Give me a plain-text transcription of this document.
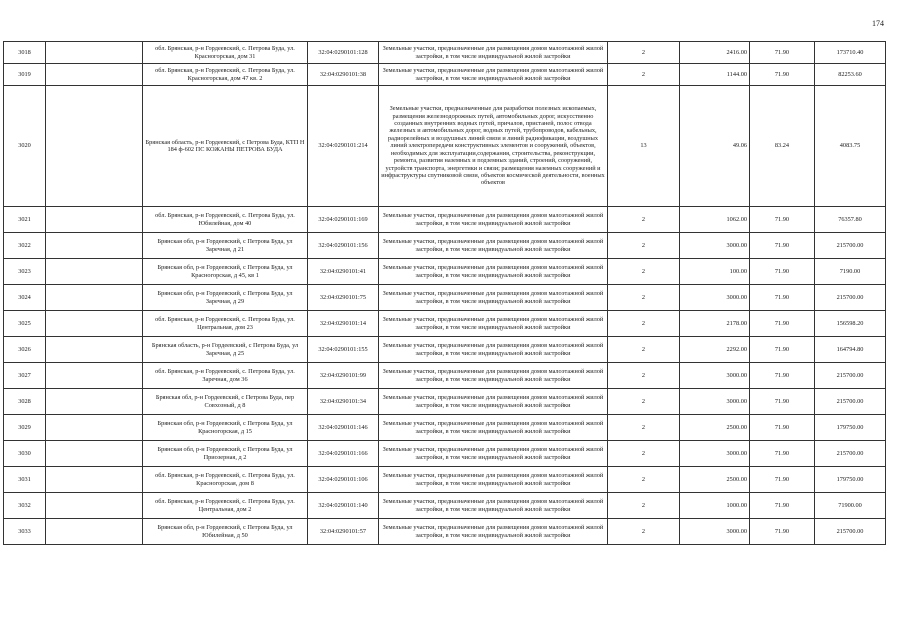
174
3018		обл. Брянская, р-н Гордеевский, с. Петрова Буда, ул. Красногорская, дом 31	32:04:0290101:128	Земельные участки, предназначенные для размещения домов малоэтажной жилой застройки, в том числе индивидуальной жилой застройки	2	2416.00	71.90	173710.40
3019		обл. Брянская, р-н Гордеевский, с. Петрова Буда, ул. Красногорская, дом 47 кв. 2	32:04:0290101:38	Земельные участки, предназначенные для размещения домов малоэтажной жилой застройки, в том числе индивидуальной жилой застройки	2	1144.00	71.90	82253.60
3020		Брянская область, р-н Гордеевский, с Петрова Буда, КТП Н 184 ф-602 ПС КОЖАНЫ ПЕТРОВА БУДА	32:04:0290101:214	Земельные участки, предназначенные для разработки полезных ископаемых, размещения железнодорожных путей, автомобильных дорог, искусственно созданных внутренних водных путей, причалов, пристаней, полос отвода железных и автомобильных дорог, водных путей, трубопроводов, кабельных, радиорелейных и воздушных линий связи и линий радиофикации, воздушных линий электропередачи конструктивных элементов и сооружений, объектов, необходимых для эксплуатации,содержания, строительства, реконструкции, ремонта, развития наземных и подземных зданий, строений, сооружений, устройств транспорта, энергетики и связи; размещения наземных сооружений и инфраструктуры спутниковой связи, объектов космической деятельности, военных объектов	13	49.06	83.24	4083.75
3021		обл. Брянская, р-н Гордеевский, с. Петрова Буда, ул. Юбилейная, дом 40	32:04:0290101:169	Земельные участки, предназначенные для размещения домов малоэтажной жилой застройки, в том числе индивидуальной жилой застройки	2	1062.00	71.90	76357.80
3022		Брянская обл, р-н Гордеевский, с Петрова Буда, ул Заречная, д 21	32:04:0290101:156	Земельные участки, предназначенные для размещения домов малоэтажной жилой застройки, в том числе индивидуальной жилой застройки	2	3000.00	71.90	215700.00
3023		Брянская обл, р-н Гордеевский, с Петрова Буда, ул Красногорская, д 45, кв 1	32:04:0290101:41	Земельные участки, предназначенные для размещения домов малоэтажной жилой застройки, в том числе индивидуальной жилой застройки	2	100.00	71.90	7190.00
3024		Брянская обл, р-н Гордеевский, с Петрова Буда, ул Заречная, д 29	32:04:0290101:75	Земельные участки, предназначенные для размещения домов малоэтажной жилой застройки, в том числе индивидуальной жилой застройки	2	3000.00	71.90	215700.00
3025		обл. Брянская, р-н Гордеевский, с. Петрова Буда, ул. Центральная, дом 23	32:04:0290101:14	Земельные участки, предназначенные для размещения домов малоэтажной жилой застройки, в том числе индивидуальной жилой застройки	2	2178.00	71.90	156598.20
3026		Брянская область, р-н Гордеевский, с Петрова Буда, ул Заречная, д 25	32:04:0290101:155	Земельные участки, предназначенные для размещения домов малоэтажной жилой застройки, в том числе индивидуальной жилой застройки	2	2292.00	71.90	164794.80
3027		обл. Брянская, р-н Гордеевский, с. Петрова Буда, ул. Заречная, дом 36	32:04:0290101:99	Земельные участки, предназначенные для размещения домов малоэтажной жилой застройки, в том числе индивидуальной жилой застройки	2	3000.00	71.90	215700.00
3028		Брянская обл, р-н Гордеевский, с Петрова Буда, пер Совхозный, д 8	32:04:0290101:34	Земельные участки, предназначенные для размещения домов малоэтажной жилой застройки, в том числе индивидуальной жилой застройки	2	3000.00	71.90	215700.00
3029		Брянская обл, р-н Гордеевский, с Петрова Буда, ул Красногорская, д 15	32:04:0290101:146	Земельные участки, предназначенные для размещения домов малоэтажной жилой застройки, в том числе индивидуальной жилой застройки	2	2500.00	71.90	179750.00
3030		Брянская обл, р-н Гордеевский, с Петрова Буда, ул Приозерная, д 2	32:04:0290101:166	Земельные участки, предназначенные для размещения домов малоэтажной жилой застройки, в том числе индивидуальной жилой застройки	2	3000.00	71.90	215700.00
3031		обл. Брянская, р-н Гордеевский, с. Петрова Буда, ул. Красногорская, дом 8	32:04:0290101:106	Земельные участки, предназначенные для размещения домов малоэтажной жилой застройки, в том числе индивидуальной жилой застройки	2	2500.00	71.90	179750.00
3032		обл. Брянская, р-н Гордеевский, с. Петрова Буда, ул. Центральная, дом 2	32:04:0290101:140	Земельные участки, предназначенные для размещения домов малоэтажной жилой застройки, в том числе индивидуальной жилой застройки	2	1000.00	71.90	71900.00
3033		Брянская обл, р-н Гордеевский, с Петрова Буда, ул Юбилейная, д 50	32:04:0290101:57	Земельные участки, предназначенные для размещения домов малоэтажной жилой застройки, в том числе индивидуальной жилой застройки	2	3000.00	71.90	215700.00
